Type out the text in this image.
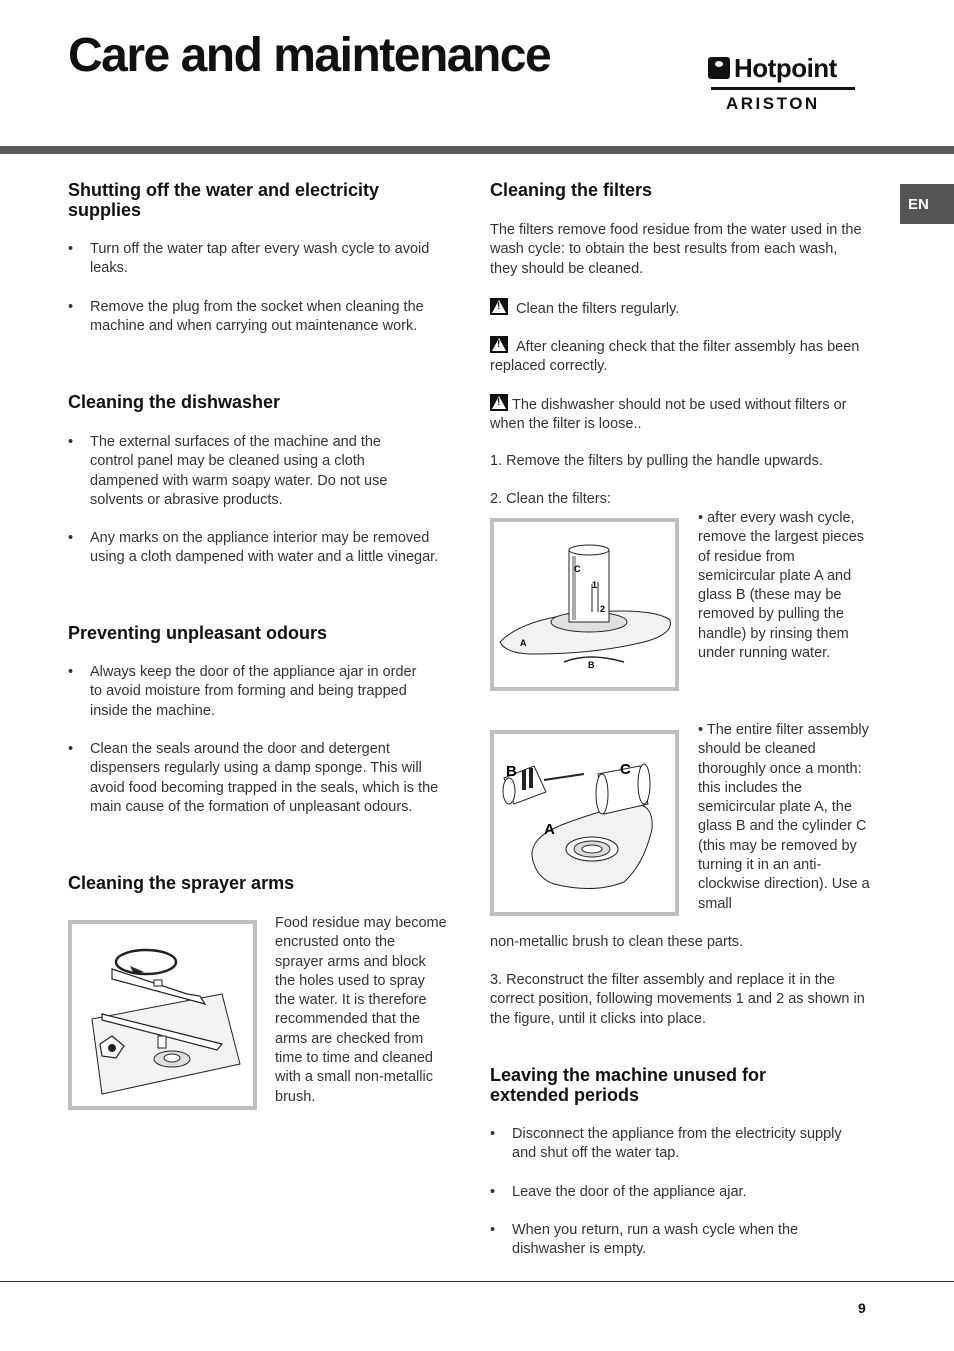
Care and maintenance	Hotpoint
ARISTON
EN
Shutting off the water and electricity supplies
• Turn off the water tap after every wash cycle to avoid leaks.
• Remove the plug from the socket when cleaning the machine and when carrying out maintenance work.
Cleaning the dishwasher
• The external surfaces of the machine and the control panel may be cleaned using a cloth dampened with warm soapy water. Do not use solvents or abrasive products.
• Any marks on the appliance interior may be removed using a cloth dampened with water and a little vinegar.
Preventing unpleasant odours
• Always keep the door of the appliance ajar in order to avoid moisture from forming and being trapped inside the machine.
• Clean the seals around the door and detergent dispensers regularly using a damp sponge. This will avoid food becoming trapped in the seals, which is the main cause of the formation of unpleasant odours.
Cleaning the sprayer arms

Food residue may become encrusted onto the sprayer arms and block the holes used to spray the water. It is therefore recommended that the arms are checked from time to time and cleaned with a small non-metallic brush.

Cleaning the filters

The filters remove food residue from the water used in the wash cycle: to obtain the best results from each wash, they should be cleaned.

!Clean the filters regularly.

!After cleaning check that the filter assembly has been replaced correctly.

!The dishwasher should not be used without filters or when the filter is loose..

1. Remove the filters by pulling the handle upwards.

2. Clean the filters:

C
1
2
A
B

• after every wash cycle, remove the largest pieces of residue from semicircular plate A and glass B (these may be removed by pulling the handle) by rinsing them under running water.

B	C
A

• The entire filter assembly should be cleaned thoroughly once a month: this includes the semicircular plate A, the glass B and the cylinder C (this may be removed by turning it in an anti-clockwise direction). Use a small

non-metallic brush to clean these parts.

3. Reconstruct the filter assembly and replace it in the correct position, following movements 1 and 2 as shown in the figure, until it clicks into place.

Leaving the machine unused for extended periods
• Disconnect the appliance from the electricity supply and shut off the water tap.
• Leave the door of the appliance ajar.
• When you return, run a wash cycle when the dishwasher is empty.
9
